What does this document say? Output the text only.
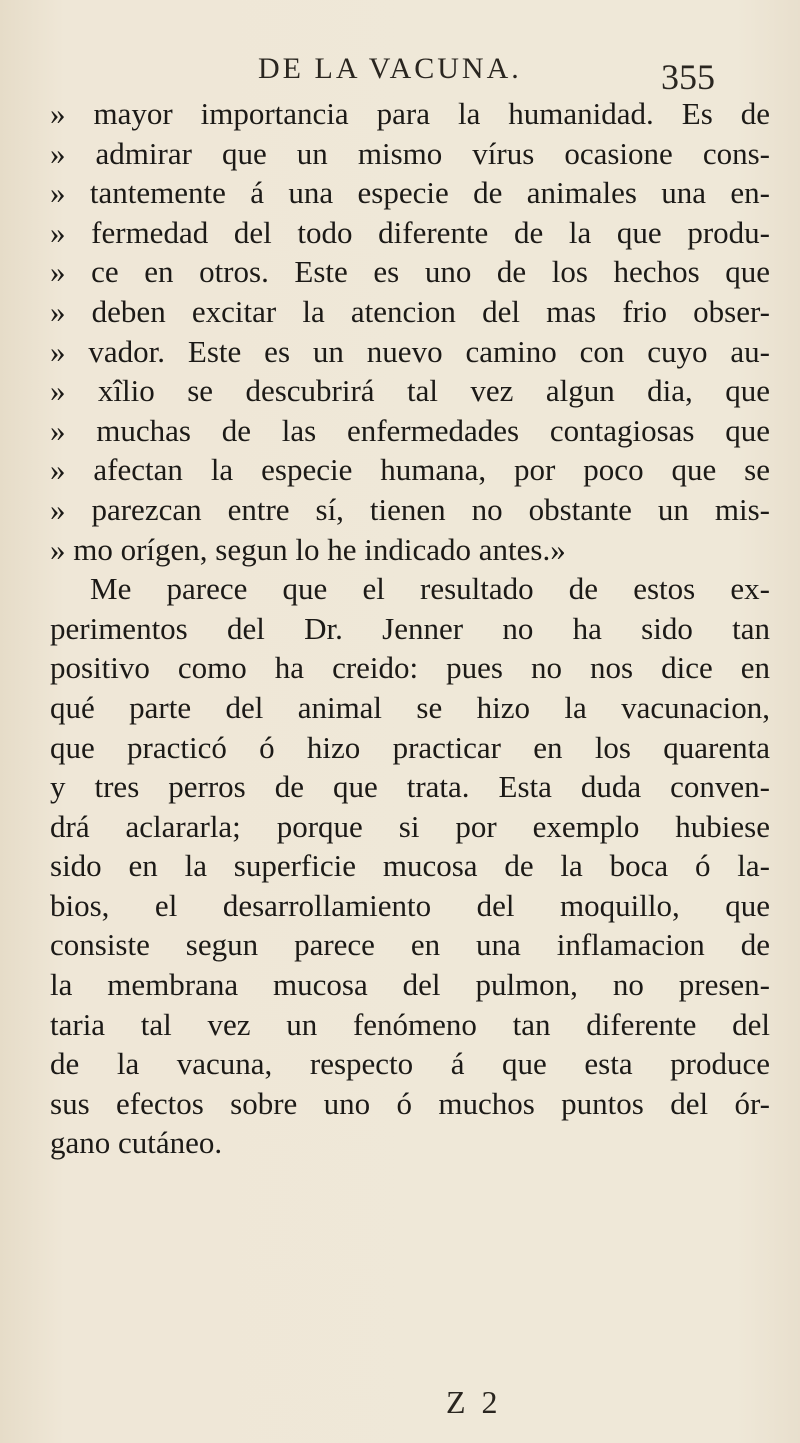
DE LA VACUNA.	355
» mayor importancia para la humanidad. Es de
» admirar que un mismo vírus ocasione cons-
» tantemente á una especie de animales una en-
» fermedad del todo diferente de la que produ-
» ce en otros. Este es uno de los hechos que
» deben excitar la atencion del mas frio obser-
» vador. Este es un nuevo camino con cuyo au-
» xîlio se descubrirá tal vez algun dia, que
» muchas de las enfermedades contagiosas que
» afectan la especie humana, por poco que se
» parezcan entre sí, tienen no obstante un mis-
» mo orígen, segun lo he indicado antes.»
Me parece que el resultado de estos ex-
perimentos del Dr. Jenner no ha sido tan
positivo como ha creido: pues no nos dice en
qué parte del animal se hizo la vacunacion,
que practicó ó hizo practicar en los quarenta
y tres perros de que trata. Esta duda conven-
drá aclararla; porque si por exemplo hubiese
sido en la superficie mucosa de la boca ó la-
bios, el desarrollamiento del moquillo, que
consiste segun parece en una inflamacion de
la membrana mucosa del pulmon, no presen-
taria tal vez un fenómeno tan diferente del
de la vacuna, respecto á que esta produce
sus efectos sobre uno ó muchos puntos del ór-
gano cutáneo.
Z 2
